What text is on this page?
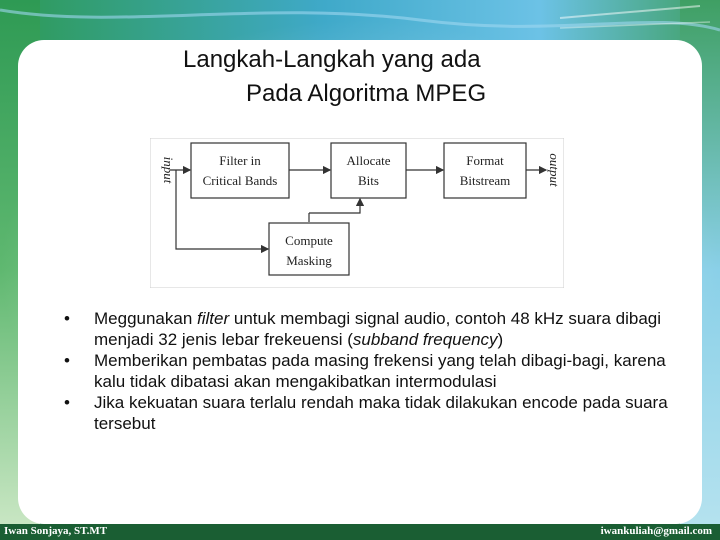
Langkah-Langkah yang ada
Pada Algoritma MPEG
input	output
Filter in
Critical Bands
Allocate
Bits
Format
Bitstream
Compute
Masking
• Meggunakan filter untuk membagi signal audio, contoh 48 kHz suara dibagi menjadi 32 jenis lebar frekeuensi (subband frequency)
• Memberikan pembatas pada masing frekensi yang telah dibagi-bagi, karena kalu tidak dibatasi akan mengakibatkan intermodulasi
• Jika kekuatan suara terlalu rendah maka tidak dilakukan encode pada suara tersebut
Iwan Sonjaya, ST.MT	iwankuliah@gmail.com
